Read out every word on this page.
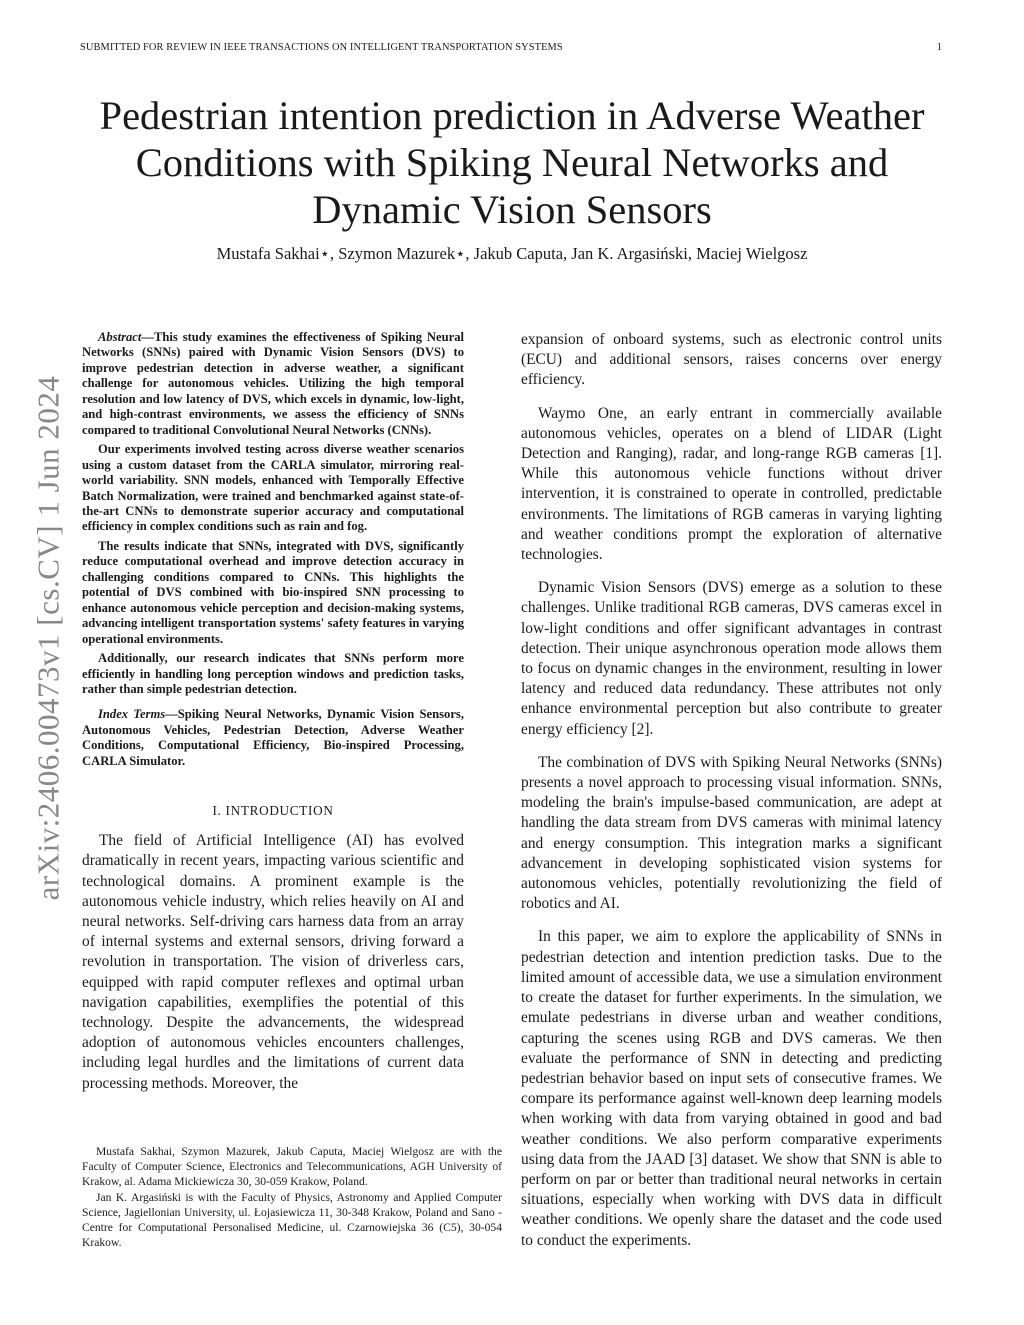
SUBMITTED FOR REVIEW IN IEEE TRANSACTIONS ON INTELLIGENT TRANSPORTATION SYSTEMS	1
arXiv:2406.00473v1 [cs.CV] 1 Jun 2024
Pedestrian intention prediction in Adverse Weather Conditions with Spiking Neural Networks and Dynamic Vision Sensors
Mustafa Sakhai⋆, Szymon Mazurek⋆, Jakub Caputa, Jan K. Argasiński, Maciej Wielgosz

Abstract—This study examines the effectiveness of Spiking Neural Networks (SNNs) paired with Dynamic Vision Sensors (DVS) to improve pedestrian detection in adverse weather, a significant challenge for autonomous vehicles. Utilizing the high temporal resolution and low latency of DVS, which excels in dynamic, low-light, and high-contrast environments, we assess the efficiency of SNNs compared to traditional Convolutional Neural Networks (CNNs).

Our experiments involved testing across diverse weather scenarios using a custom dataset from the CARLA simulator, mirroring real-world variability. SNN models, enhanced with Temporally Effective Batch Normalization, were trained and benchmarked against state-of-the-art CNNs to demonstrate superior accuracy and computational efficiency in complex conditions such as rain and fog.

The results indicate that SNNs, integrated with DVS, significantly reduce computational overhead and improve detection accuracy in challenging conditions compared to CNNs. This highlights the potential of DVS combined with bio-inspired SNN processing to enhance autonomous vehicle perception and decision-making systems, advancing intelligent transportation systems' safety features in varying operational environments.

Additionally, our research indicates that SNNs perform more efficiently in handling long perception windows and prediction tasks, rather than simple pedestrian detection.

Index Terms—Spiking Neural Networks, Dynamic Vision Sensors, Autonomous Vehicles, Pedestrian Detection, Adverse Weather Conditions, Computational Efficiency, Bio-inspired Processing, CARLA Simulator.

I. INTRODUCTION

The field of Artificial Intelligence (AI) has evolved dramatically in recent years, impacting various scientific and technological domains. A prominent example is the autonomous vehicle industry, which relies heavily on AI and neural networks. Self-driving cars harness data from an array of internal systems and external sensors, driving forward a revolution in transportation. The vision of driverless cars, equipped with rapid computer reflexes and optimal urban navigation capabilities, exemplifies the potential of this technology. Despite the advancements, the widespread adoption of autonomous vehicles encounters challenges, including legal hurdles and the limitations of current data processing methods. Moreover, the

Mustafa Sakhai, Szymon Mazurek, Jakub Caputa, Maciej Wielgosz are with the Faculty of Computer Science, Electronics and Telecommunications, AGH University of Krakow, al. Adama Mickiewicza 30, 30-059 Krakow, Poland.

Jan K. Argasiński is with the Faculty of Physics, Astronomy and Applied Computer Science, Jagiellonian University, ul. Łojasiewicza 11, 30-348 Krakow, Poland and Sano - Centre for Computational Personalised Medicine, ul. Czarnowiejska 36 (C5), 30-054 Krakow.

expansion of onboard systems, such as electronic control units (ECU) and additional sensors, raises concerns over energy efficiency.

Waymo One, an early entrant in commercially available autonomous vehicles, operates on a blend of LIDAR (Light Detection and Ranging), radar, and long-range RGB cameras [1]. While this autonomous vehicle functions without driver intervention, it is constrained to operate in controlled, predictable environments. The limitations of RGB cameras in varying lighting and weather conditions prompt the exploration of alternative technologies.

Dynamic Vision Sensors (DVS) emerge as a solution to these challenges. Unlike traditional RGB cameras, DVS cameras excel in low-light conditions and offer significant advantages in contrast detection. Their unique asynchronous operation mode allows them to focus on dynamic changes in the environment, resulting in lower latency and reduced data redundancy. These attributes not only enhance environmental perception but also contribute to greater energy efficiency [2].

The combination of DVS with Spiking Neural Networks (SNNs) presents a novel approach to processing visual information. SNNs, modeling the brain's impulse-based communication, are adept at handling the data stream from DVS cameras with minimal latency and energy consumption. This integration marks a significant advancement in developing sophisticated vision systems for autonomous vehicles, potentially revolutionizing the field of robotics and AI.

In this paper, we aim to explore the applicability of SNNs in pedestrian detection and intention prediction tasks. Due to the limited amount of accessible data, we use a simulation environment to create the dataset for further experiments. In the simulation, we emulate pedestrians in diverse urban and weather conditions, capturing the scenes using RGB and DVS cameras. We then evaluate the performance of SNN in detecting and predicting pedestrian behavior based on input sets of consecutive frames. We compare its performance against well-known deep learning models when working with data from varying obtained in good and bad weather conditions. We also perform comparative experiments using data from the JAAD [3] dataset. We show that SNN is able to perform on par or better than traditional neural networks in certain situations, especially when working with DVS data in difficult weather conditions. We openly share the dataset and the code used to conduct the experiments.
